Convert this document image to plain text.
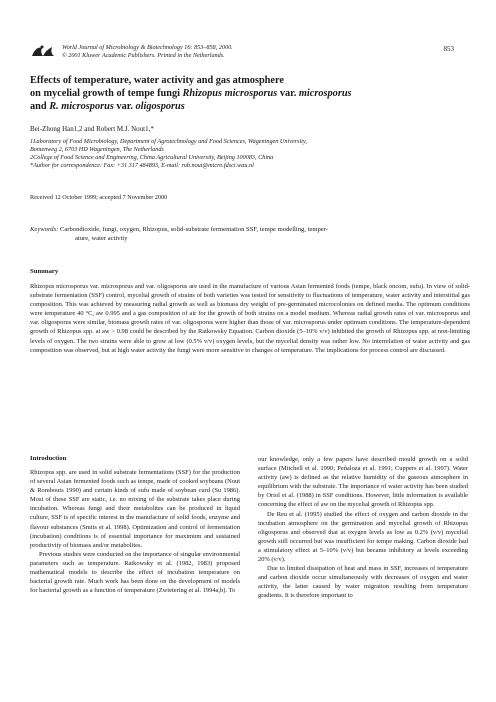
World Journal of Microbiology & Biotechnology 16: 853–858, 2000.
© 2001 Kluwer Academic Publishers. Printed in the Netherlands.
853
Effects of temperature, water activity and gas atmosphere
on mycelial growth of tempe fungi Rhizopus microsporus var. microsporus
and R. microsporus var. oligosporus
Bei-Zhong Han1,2 and Robert M.J. Nout1,*
1Laboratory of Food Microbiology, Department of Agrotechnology and Food Sciences, Wageningen University,
Bomenweg 2, 6703 HD Wageningen, The Netherlands
2College of Food Science and Engineering, China Agricultural University, Beijing 100083, China
*Author for correspondence: Fax: +31 317 484893, E-mail: rob.nout@micro.fdsci.wau.nl
Received 12 October 1999; accepted 7 November 2000
Keywords: Carbondioxide, fungi, oxygen, Rhizopus, solid-substrate fermentation SSF, tempe modelling, temper-
ature, water activity
Summary
Rhizopus microsporus var. microsporus and var. oligosporus are used in the manufacture of various Asian fermented foods (tempe, black oncom, sufu). In view of solid-substrate fermentation (SSF) control, mycelial growth of strains of both varieties was tested for sensitivity to fluctuations of temperature, water activity and interstitial gas composition. This was achieved by measuring radial growth as well as biomass dry weight of pre-germinated microcolonies on defined media. The optimum conditions were temperature 40 °C, aw 0.995 and a gas composition of air for the growth of both strains on a model medium. Whereas radial growth rates of var. microsporus and var. oligosporus were similar, biomass growth rates of var. oligosporus were higher than those of var. microsporus under optimum conditions. The temperature-dependent growth of Rhizopus spp. at aw > 0.98 could be described by the Ratkowsky Equation. Carbon dioxide (5–10% v/v) inhibited the growth of Rhizopus spp. at non-limiting levels of oxygen. The two strains were able to grow at low (0.5% v/v) oxygen levels, but the mycelial density was rather low. No interrelation of water activity and gas composition was observed, but at high water activity the fungi were more sensitive to changes of temperature. The implications for process control are discussed.
Introduction

Rhizopus spp. are used in solid substrate fermentations (SSF) for the production of several Asian fermented foods such as tempe, made of cooked soybeans (Nout & Rombouts 1990) and certain kinds of sufu made of soybean curd (Su 1986). Most of these SSF are static, i.e. no mixing of the substrate takes place during incubation. Whereas fungi and their metabolites can be produced in liquid culture, SSF is of specific interest in the manufacture of solid foods, enzyme and flavour substances (Smits et al. 1998). Optimization and control of fermentation (incubation) conditions is of essential importance for maximum and sustained productivity of biomass and/or metabolites.

Previous studies were conducted on the importance of singular environmental parameters such as temperature. Ratkowsky et al. (1982, 1983) proposed mathematical models to describe the effect of incubation temperature on bacterial growth rate. Much work has been done on the development of models for bacterial growth as a function of temperature (Zwietering et al. 1994a,b). To

our knowledge, only a few papers have described mould growth on a solid surface (Mitchell et al. 1990; Peñaloza et al. 1991; Cuppers et al. 1997). Water activity (aw) is defined as the relative humidity of the gaseous atmosphere in equilibrium with the substrate. The importance of water activity has been studied by Oriol et al. (1988) in SSF conditions. However, little information is available concerning the effect of aw on the mycelial growth of Rhizopus spp.

De Reu et al. (1995) studied the effect of oxygen and carbon dioxide in the incubation atmosphere on the germination and mycelial growth of Rhizopus oligosporus and observed that at oxygen levels as low as 0.2% (v/v) mycelial growth still occurred but was insufficient for tempe making. Carbon dioxide had a stimulatory effect at 5–10% (v/v) but became inhibitory at levels exceeding 20% (v/v).

Due to limited dissipation of heat and mass in SSF, increases of temperature and carbon dioxide occur simultaneously with decreases of oxygen and water activity, the latter caused by water migration resulting from temperature gradients. It is therefore important to
